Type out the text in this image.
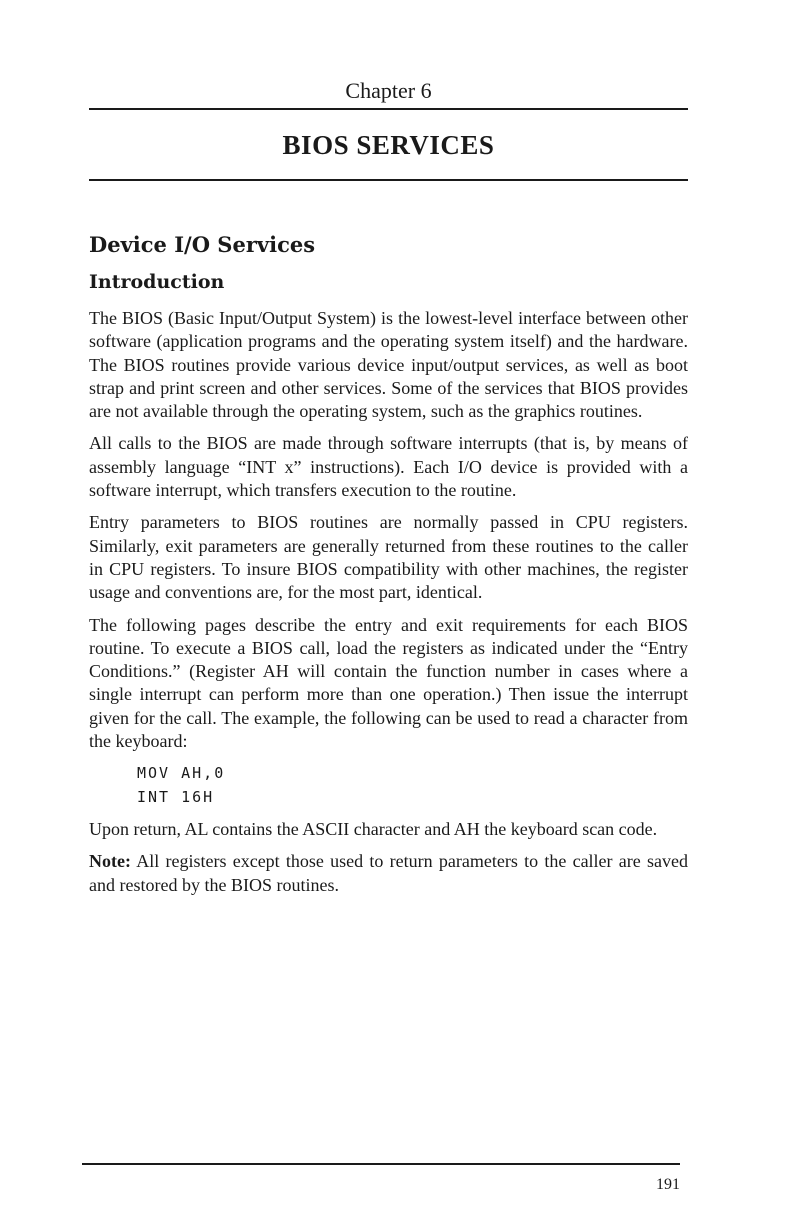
Chapter 6
BIOS SERVICES
Device I/O Services
Introduction

The BIOS (Basic Input/Output System) is the lowest-level interface between other software (application programs and the operating system itself) and the hardware. The BIOS routines provide various device input/output services, as well as boot strap and print screen and other services. Some of the services that BIOS provides are not available through the operating system, such as the graphics routines.

All calls to the BIOS are made through software interrupts (that is, by means of assembly language “INT x” instructions). Each I/O device is provided with a software interrupt, which transfers execution to the routine.

Entry parameters to BIOS routines are normally passed in CPU registers. Similarly, exit parameters are generally returned from these routines to the caller in CPU registers. To insure BIOS compatibility with other machines, the register usage and conventions are, for the most part, identical.

The following pages describe the entry and exit requirements for each BIOS routine. To execute a BIOS call, load the registers as indicated under the “Entry Conditions.” (Register AH will contain the function number in cases where a single interrupt can perform more than one operation.) Then issue the interrupt given for the call. The example, the following can be used to read a character from the keyboard:

MOV AH,0
INT 16H

Upon return, AL contains the ASCII character and AH the keyboard scan code.

Note: All registers except those used to return parameters to the caller are saved and restored by the BIOS routines.

191
